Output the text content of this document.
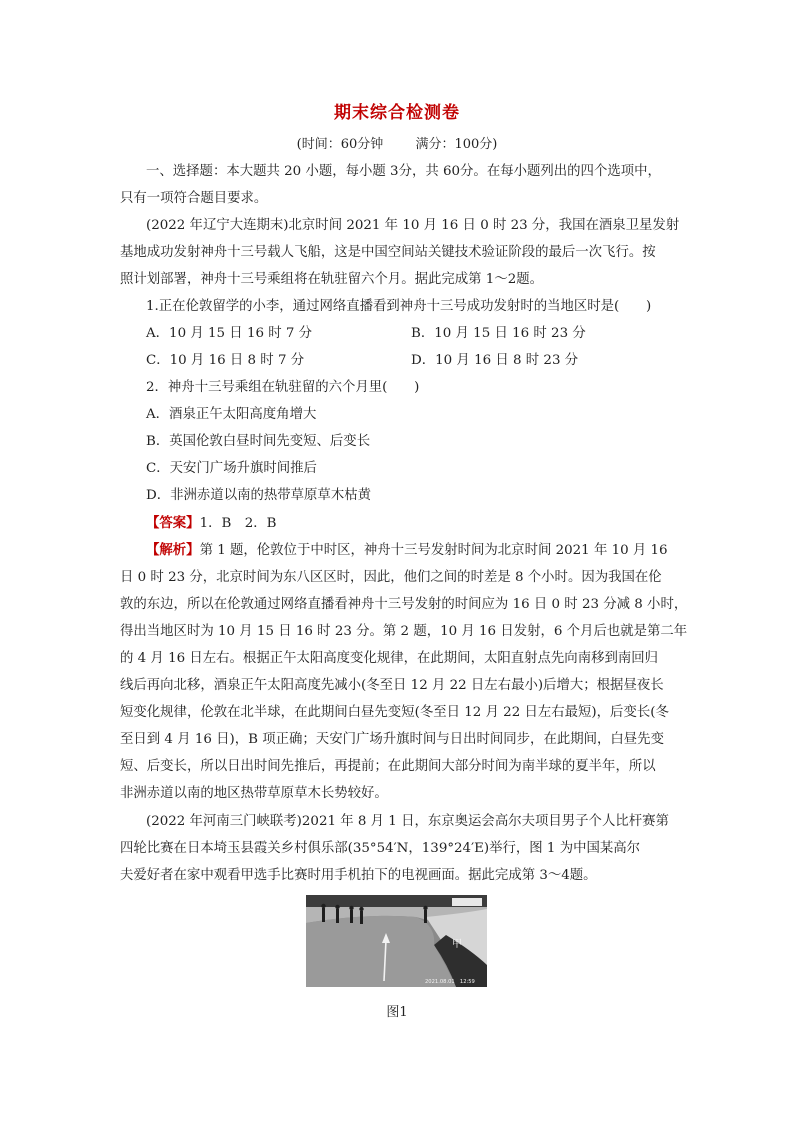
期末综合检测卷
(时间：60分钟 满分：100分)
一、选择题：本大题共 20 小题，每小题 3分，共 60分。在每小题列出的四个选项中，
只有一项符合题目要求。
(2022 年辽宁大连期末)北京时间 2021 年 10 月 16 日 0 时 23 分，我国在酒泉卫星发射
基地成功发射神舟十三号载人飞船，这是中国空间站关键技术验证阶段的最后一次飞行。按
照计划部署，神舟十三号乘组将在轨驻留六个月。据此完成第 1～2题。
1.正在伦敦留学的小李，通过网络直播看到神舟十三号成功发射时的当地区时是(　　)
A．10 月 15 日 16 时 7 分	B．10 月 15 日 16 时 23 分
C．10 月 16 日 8 时 7 分	D．10 月 16 日 8 时 23 分
2．神舟十三号乘组在轨驻留的六个月里(　　)
A．酒泉正午太阳高度角增大
B．英国伦敦白昼时间先变短、后变长
C．天安门广场升旗时间推后
D．非洲赤道以南的热带草原草木枯黄
【答案】1．B　2．B
【解析】第 1 题，伦敦位于中时区，神舟十三号发射时间为北京时间 2021 年 10 月 16
日 0 时 23 分，北京时间为东八区区时，因此，他们之间的时差是 8 个小时。因为我国在伦
敦的东边，所以在伦敦通过网络直播看神舟十三号发射的时间应为 16 日 0 时 23 分减 8 小时，
得出当地区时为 10 月 15 日 16 时 23 分。第 2 题，10 月 16 日发射，6 个月后也就是第二年
的 4 月 16 日左右。根据正午太阳高度变化规律，在此期间，太阳直射点先向南移到南回归
线后再向北移，酒泉正午太阳高度先减小(冬至日 12 月 22 日左右最小)后增大；根据昼夜长
短变化规律，伦敦在北半球，在此期间白昼先变短(冬至日 12 月 22 日左右最短)，后变长(冬
至日到 4 月 16 日)，B 项正确；天安门广场升旗时间与日出时间同步，在此期间，白昼先变
短、后变长，所以日出时间先推后，再提前；在此期间大部分时间为南半球的夏半年，所以
非洲赤道以南的地区热带草原草木长势较好。
(2022 年河南三门峡联考)2021 年 8 月 1 日，东京奥运会高尔夫项目男子个人比杆赛第
四轮比赛在日本埼玉县霞关乡村俱乐部(35°54′N，139°24′E)举行，图 1 为中国某高尔
夫爱好者在家中观看甲选手比赛时用手机拍下的电视画面。据此完成第 3～4题。
甲
2021.08.01　12:59
图1
